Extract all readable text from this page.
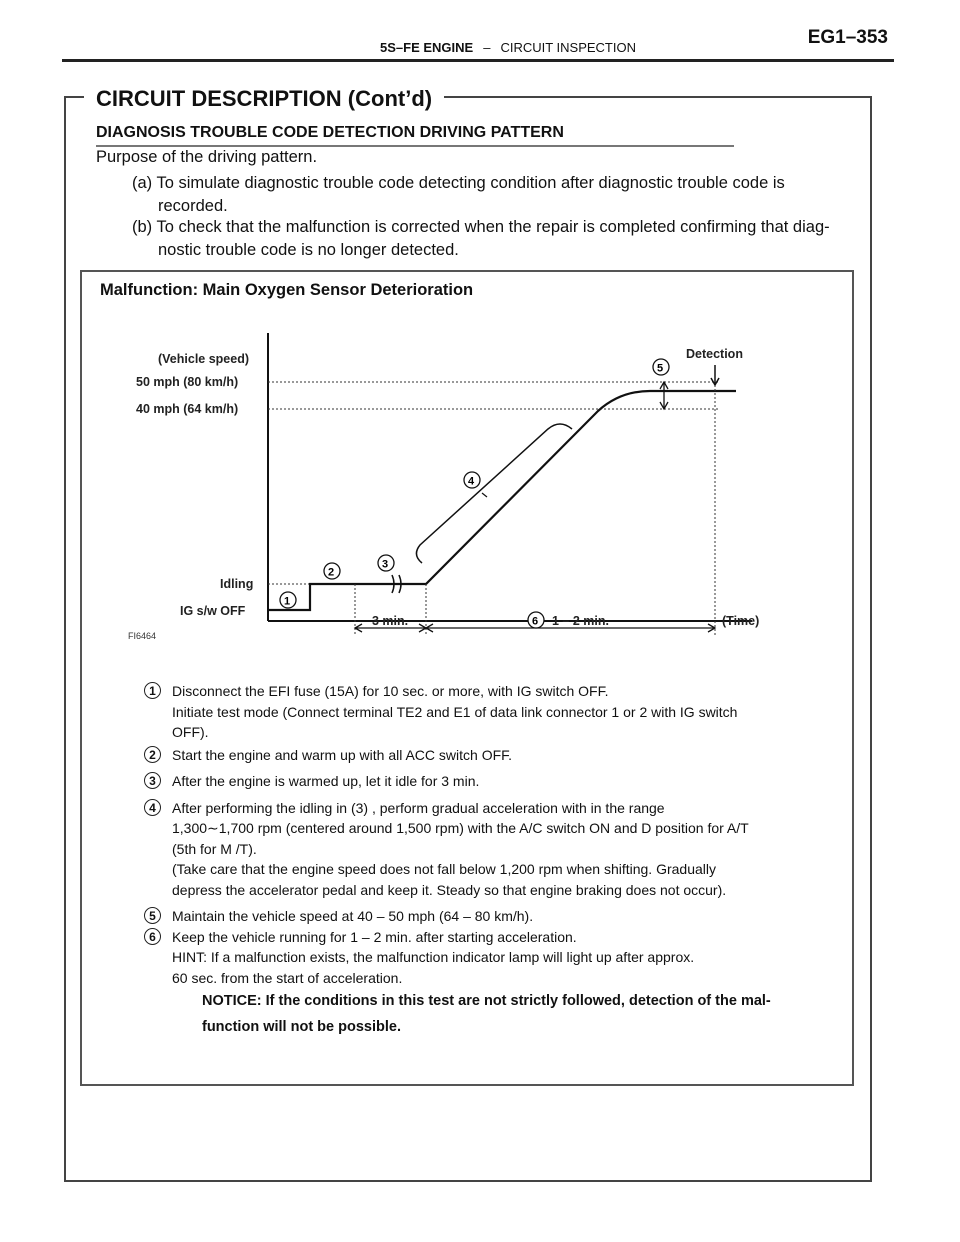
5S–FE ENGINE – CIRCUIT INSPECTION	EG1–353
CIRCUIT DESCRIPTION (Cont’d)
DIAGNOSIS TROUBLE CODE DETECTION DRIVING PATTERN
Purpose of the driving pattern.
(a) To simulate diagnostic trouble code detecting condition after diagnostic trouble code is
recorded.
(b) To check that the malfunction is corrected when the repair is completed confirming that diag-
nostic trouble code is no longer detected.
Malfunction: Main Oxygen Sensor Deterioration
(Vehicle speed)
50 mph (80 km/h)
40 mph (64 km/h)
Idling
IG s/w OFF
Detection
3 min.	1 – 2 min.	(Time)
FI6464
1
2
3
4
5
6
1	Disconnect the EFI fuse (15A) for 10 sec. or more, with IG switch OFF.
Initiate test mode (Connect terminal TE2 and E1 of data link connector 1 or 2 with IG switch
OFF).
2	Start the engine and warm up with all ACC switch OFF.
3	After the engine is warmed up, let it idle for 3 min.
4	After performing the idling in (3) , perform gradual acceleration with in the range
1,300∼1,700 rpm (centered around 1,500 rpm) with the A/C switch ON and D position for A/T
(5th for M /T).
(Take care that the engine speed does not fall below 1,200 rpm when shifting. Gradually
depress the accelerator pedal and keep it. Steady so that engine braking does not occur).
5	Maintain the vehicle speed at 40 – 50 mph (64 – 80 km/h).
6	Keep the vehicle running for 1 – 2 min. after starting acceleration.
HINT: If a malfunction exists, the malfunction indicator lamp will light up after approx.
60 sec. from the start of acceleration.
NOTICE: If the conditions in this test are not strictly followed, detection of the mal-
function will not be possible.
